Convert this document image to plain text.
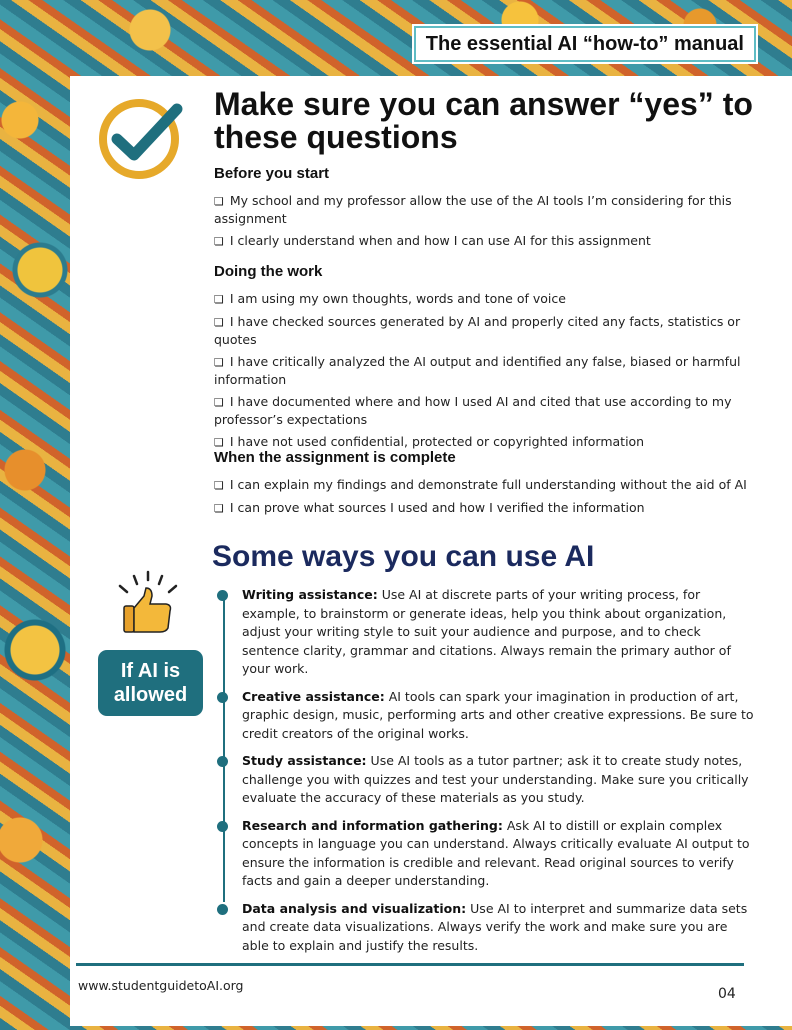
The essential AI “how-to” manual
Make sure you can answer “yes” to these questions
Before you start
❏ My school and my professor allow the use of the AI tools I’m considering for this assignment
❏ I clearly understand when and how I can use AI for this assignment
Doing the work
❏ I am using my own thoughts, words and tone of voice
❏ I have checked sources generated by AI and properly cited any facts, statistics or quotes
❏ I have critically analyzed the AI output and identified any false, biased or harmful information
❏ I have documented where and how I used AI and cited that use according to my professor’s expectations
❏ I have not used confidential, protected or copyrighted information
When the assignment is complete
❏ I can explain my findings and demonstrate full understanding without the aid of AI
❏ I can prove what sources I used and how I verified the information
Some ways you can use AI
If AI is
allowed
Writing assistance: Use AI at discrete parts of your writing process, for example, to brainstorm or generate ideas, help you think about organization, adjust your writing style to suit your audience and purpose, and to check sentence clarity, grammar and citations. Always remain the primary author of your work.
Creative assistance: AI tools can spark your imagination in production of art, graphic design, music, performing arts and other creative expressions. Be sure to credit creators of the original works.
Study assistance: Use AI tools as a tutor partner; ask it to create study notes, challenge you with quizzes and test your understanding. Make sure you critically evaluate the accuracy of these materials as you study.
Research and information gathering: Ask AI to distill or explain complex concepts in language you can understand. Always critically evaluate AI output to ensure the information is credible and relevant. Read original sources to verify facts and gain a deeper understanding.
Data analysis and visualization: Use AI to interpret and summarize data sets and create data visualizations. Always verify the work and make sure you are able to explain and justify the results.
www.studentguidetoAI.org
04
